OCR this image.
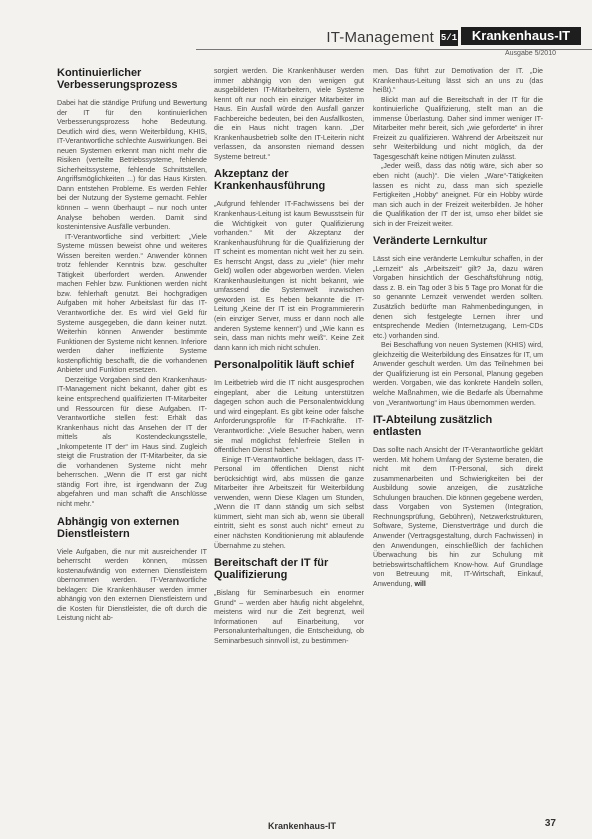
IT-Management 5/1	Krankenhaus-IT
Ausgabe 5/2010
Kontinuierlicher Verbesserungsprozess

Dabei hat die ständige Prüfung und Bewertung der IT für den kontinuierlichen Verbesserungsprozess hohe Bedeutung. Deutlich wird dies, wenn Weiterbildung, KHIS, IT-Verantwortliche schlechte Auswirkungen. Bei neuen Systemen erkennt man nicht mehr die Risiken (verteilte Betriebssysteme, fehlende Sicherheitssysteme, fehlende Schnittstellen, Angriffsmöglichkeiten ...) für das Haus Kirsten. Dann entstehen Probleme. Es werden Fehler bei der Nutzung der Systeme gemacht. Fehler können – wenn überhaupt – nur noch unter Analyse behoben werden. Damit sind kostenintensive Ausfälle verbunden.

IT-Verantwortliche sind verbittert: „Viele Systeme müssen beweist ohne und weiteres Wissen bereiten werden.“ Anwender können trotz fehlender Kenntnis bzw. geschulter Tätigkeit überfordert werden. Anwender machen Fehler bzw. Funktionen werden nicht bzw. fehlerhaft genutzt. Bei hochgradigen Aufgaben mit hoher Arbeitslast für das IT-Verantwortliche der. Es wird viel Geld für Systeme ausgegeben, die dann keiner nutzt. Weiterhin können Anwender bestimmte Funktionen der Systeme nicht kennen. Inferiore werden daher ineffiziente Systeme kostenpflichtig beschafft, die die vorhandenen Anbieter und Funktion ersetzen.

Derzeitige Vorgaben sind den Krankenhaus-IT-Management nicht bekannt, daher gibt es keine entsprechend qualifizierten IT-Mitarbeiter und Ressourcen für diese Aufgaben. IT-Verantwortliche stellen fest: Erhält das Krankenhaus nicht das Ansehen der IT der mittels als Kostendeckungsstelle, „Inkompetente IT der“ im Haus sind. Zugleich steigt die Frustration der IT-Mitarbeiter, da sie die vorhandenen Systeme nicht mehr beherrschen. „Wenn die IT erst gar nicht ständig Fort ihre, ist irgendwann der Zug abgefahren und man schafft die Anschlüsse nicht mehr.“

Abhängig von externen Dienstleistern

Viele Aufgaben, die nur mit ausreichender IT beherrscht werden können, müssen kostenaufwändig von externen Dienstleistern übernommen werden. IT-Verantwortliche beklagen: Die Krankenhäuser werden immer abhängig von den externen Dienstleistern und die Kosten für Dienstleister, die oft durch die Leistung nicht ab-

sorgiert werden. Die Krankenhäuser werden immer abhängig von den wenigen gut ausgebildeten IT-Mitarbeitern, viele Systeme kennt oft nur noch ein einziger Mitarbeiter im Haus. Ein Ausfall würde den Ausfall ganzer Fachbereiche bedeuten, bei den Ausfallkosten, die ein Haus nicht tragen kann. „Der Krankenhausbetrieb sollte den IT-Leiterin nicht verlassen, da ansonsten niemand dessen Systeme betreut.“

Akzeptanz der Krankenhausführung

„Aufgrund fehlender IT-Fachwissens bei der Krankenhaus-Leitung ist kaum Bewusstsein für die Wichtigkeit von guter Qualifizierung vorhanden.“ Mit der Akzeptanz der Krankenhausführung für die Qualifizierung der IT scheint es momentan nicht weit her zu sein. Es herrscht Angst, dass zu „viele“ (hier mehr Geld) wollen oder abgeworben werden. Vielen Krankenhausleitungen ist nicht bekannt, wie umfassend die Systemwelt inzwischen geworden ist. Es heben bekannte die IT-Leitung „Keine der IT ist ein Programmiererin (ein einziger Server, muss er dann noch alle anderen Systeme kennen“) und „Wie kann es sein, dass man nichts mehr weiß“. Keine Zeit dann kann ich mich nicht schulen.

Personalpolitik läuft schief

Im Leitbetrieb wird die IT nicht ausgesprochen eingeplant, aber die Leitung unterstützen dagegen schon auch die Personalentwicklung und wird eingeplant. Es gibt keine oder falsche Anforderungsprofile für IT-Fachkräfte. IT-Verantwortliche: „Viele Besucher haben, wenn sie mal möglichst fehlerfreie Stellen in öffentlichen Dienst haben.“

Einige IT-Verantwortliche beklagen, dass IT-Personal im öffentlichen Dienst nicht berücksichtigt wird, abs müssen die ganze Mitarbeiter ihre Arbeitszeit für Weiterbildung verwenden, wenn Diese Klagen um Stunden, „Wenn die IT dann ständig um sich selbst kümmert, sieht man sich ab, wenn sie überall eintritt, sieht es sonst auch nicht“ erneut zu einer nächsten Konditionierung mit ablaufende Übernahme zu stehen.

Bereitschaft der IT für Qualifizierung

„Bislang für Seminarbesuch ein enormer Grund“ – werden aber häufig nicht abgelehnt, meistens wird nur die Zeit begrenzt, weil Informationen auf Einarbeitung, vor Personalunterhaltungen, die Entscheidung, ob Seminarbesuch sinnvoll ist, zu bestimmen-

men. Das führt zur Demotivation der IT. „Die Krankenhaus-Leitung lässt sich an uns zu (das heißt).“

Blickt man auf die Bereitschaft in der IT für die kontinuierliche Qualifizierung, stellt man an die immense Überlastung. Daher sind immer weniger IT-Mitarbeiter mehr bereit, sich „wie geforderte“ in ihrer Freizeit zu qualifizieren. Während der Arbeitszeit nur sehr Weiterbildung und nicht möglich, da der Tagesgeschäft keine nötigen Minuten zulässt.

„Jeder weiß, dass das nötig wäre, sich aber so eben nicht (auch)“. Die vielen „Ware“-Tätigkeiten lassen es nicht zu, dass man sich spezielle Fertigkeiten „Hobby“ aneignet. Für ein Hobby würde man sich auch in der Freizeit weiterbilden. Je höher die Qualifikation der IT der ist, umso eher bildet sie sich in der Freizeit weiter.

Veränderte Lernkultur

Lässt sich eine veränderte Lernkultur schaffen, in der „Lernzeit“ als „Arbeitszeit“ gilt? Ja, dazu wären Vorgaben hinsichtlich der Geschäftsführung nötig, dass z. B. ein Tag oder 3 bis 5 Tage pro Monat für die so genannte Lernzeit verwendet werden sollten. Zusätzlich bedürfte man Rahmenbedingungen, in denen sich festgelegte Lernen ihrer und entsprechende Medien (Internetzugang, Lern-CDs etc.) vorhanden sind.

Bei Beschaffung von neuen Systemen (KHIS) wird, gleichzeitig die Weiterbildung des Einsatzes für IT, um Anwender geschult werden. Um das Teilnehmen bei der Qualifizierung ist ein Personal, Planung gegeben werden. Vorgaben, wie das konkrete Handeln sollen, welche Maßnahmen, wie die Bedarfe als Übernahme von „Verantwortung“ im Haus übernommen werden.

IT-Abteilung zusätzlich entlasten

Das sollte nach Ansicht der IT-Verantwortliche geklärt werden. Mit hohem Umfang der Systeme beraten, die nicht mit dem IT-Personal, sich direkt zusammenarbeiten und Schwierigkeiten bei der Ausbildung sowie anzeigen, die zusätzliche Schulungen brauchen. Die können gegebene werden, dass Vorgaben von Systemen (Integration, Rechnungsprüfung, Gebühren), Netzwerkstrukturen, Software, Systeme, Dienstverträge und durch die Anwender (Vertragsgestaltung, durch Fachwissen) in den Anwendungen, einschließlich der fachlichen Überwachung bis hin zur Schulung mit betriebswirtschaftlichem Know-how. Auf Grundlage von Betreuung mit, IT-Wirtschaft, Einkauf, Anwendung, will

Krankenhaus-IT	37
